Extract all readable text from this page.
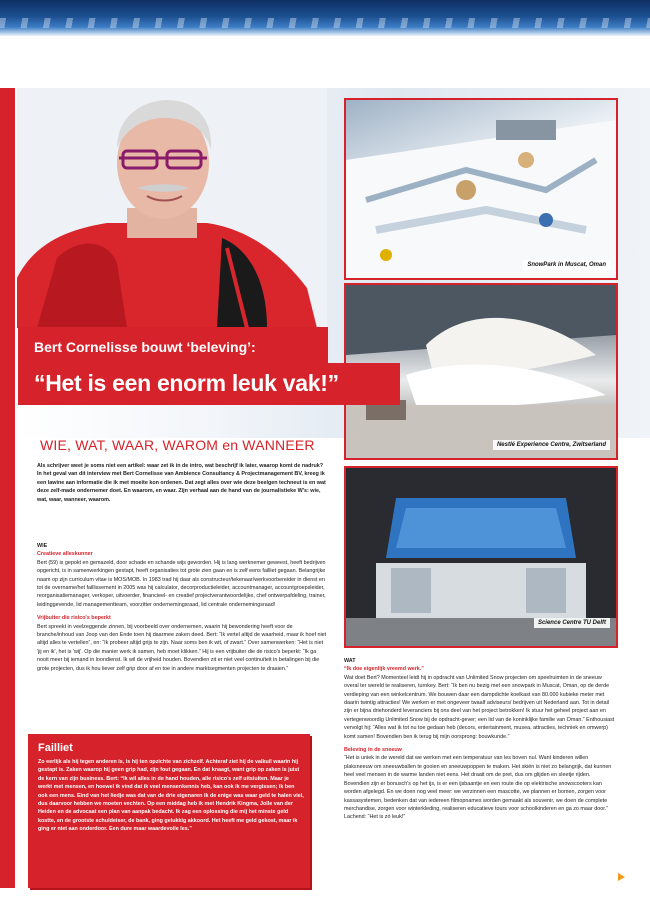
SnowPark in Muscat, Oman
Nestlé Experience Centre, Zwitserland
Science Centre TU Delft
Bert Cornelisse bouwt ‘beleving’:
“Het is een enorm leuk vak!”
WIE, WAT, WAAR, WAROM en WANNEER
Als schrijver weet je soms niet een artikel: waar zet ik in de intro, wat beschrijf ik later, waarop komt de nadruk? In het geval van dit interview met Bert Cornelisse van Ambience Consultancy & Projectmanagement BV, kreeg ik een lawine aan informatie die ik met moeite kon ordenen. Dat zegt alles over wie deze beelgen techneut is en wat deze zelf-made ondernemer doet. En waarom, en waar. Zijn verhaal aan de hand van de journalistieke W's: wie, wat, waar, wanneer, waarom.
WIE
Creatieve alleskunner

Bert (59) is gepokt en gemazeld, door schade en schande wijs geworden. Hij is lang werknemer geweest, heeft bedrijven opgericht, is in samenwerkingen gestapt, heeft organisaties tot grote zien gaan en is zelf eens failliet gegaan. Belangrijke naam op zijn curriculum vitae is MOS/MOB. In 1983 trad hij daar als constructeur/tekenaar/werkvoorbereider in dienst en tot de overname/het faillissement in 2005 was hij calculator, decorproductieleider, accountmanager, accountgroepsleider, reorganisatiemanager, verkoper, uitvoerder, financieel- en creatief projectverantwoordelijke, chef ontwerpafdeling, trainer, leidinggevende, lid managementteam, voorzitter ondernemingsraad, lid centrale ondernemingsraad!

Vrijbuiter die risico's beperkt

Bert spreekt in veelzeggende zinnen, bij voorbeeld over ondernemen, waarin hij bewondering heeft voor de branche/inhoud van Joop van den Ende toen hij daarmee zaken deed. Bert: “Ik vertel altijd de waarheid, maar ik hoef niet altijd alles te vertellen”, en: “Ik probeer altijd grijs te zijn. Naar soms ben ik wit, of zwart.” Over samenwerken: “Het is niet 'jij en ik', het is 'wij'. Op die manier werk ik samen, heb moet klikken.” Hij is een vrijbuiter die de risico's beperkt: “Ik ga nooit meer bij iemand in loondienst. Ik wil de vrijheid houden. Bovendien zit er niet veel continuïteit in betalingen bij die grote projecten, dus ik hou liever zelf grip door af en toe in andere marktsegmenten projecten te draaien.”

Failliet
Zo eerlijk als hij tegen anderen is, is hij ten opzichte van zichzelf. Achteraf ziet hij de valkuil waarin hij gestapt is. Zaken waarop hij geen grip had, zijn fout gegaan. En dat knaagt, want grip op zaken is juist de kern van zijn business. Bert: “Ik wil alles in de hand houden, alle risico's zelf uitsluiten. Maar je werkt met mensen, en hoewel ik vind dat ik veel mensenkennis heb, kan ook ik me vergissen; ik ben ook een mens. Eind van het liedje was dat van de drie eigenaren ik de enige was waar geld te halen viel, dus daarvoor hebben we moeten vechten. Op een middag heb ik met Hendrik Kingma, Jolle van der Heiden en de advocaat een plan van aanpak bedacht. Ik zag een oplossing die mij het minste geld kostte, en de grootste schuldeiser, de bank, ging gelukkig akkoord. Het heeft me geld gekost, maar ik ging er niet aan onderdoor. Een dure maar waardevolle les.”
WAT
“Ik doe eigenlijk vreemd werk.”

Wat doet Bert? Momenteel leidt hij in opdracht van Unlimited Snow projecten om speelruimten in de sneeuw overal ter wereld te realiseren, turnkey. Bert: “Ik ben nu bezig met een snowpark in Muscat, Oman, op de derde verdieping van een winkelcentrum. We bouwen daar een dampdichte koelkast van 80.000 kubieke meter met daarin twintig attracties! We werken er met ongeveer twaalf adviseurs/ bedrijven uit Nederland aan. Tot in detail zijn er bijna driehonderd leveranciers bij ons deel van het project betrokken! Ik stuur het geheel project aan en vertegenwoordig Unlimited Snow bij de opdracht-gever; een lid van de koninklijke familie van Oman.” Enthousiast vervolgt hij: “Alles wat ik tot nu toe gedaan heb (decors, entertainment, musea, attracties, techniek en omwerp) komt samen! Bovendien ben ik terug bij mijn oorsprong: bouwkunde.”

Beleving in de sneeuw

“Het is uniek in de wereld dat we werken met een temperatuur van les boven nul. Want kinderen willen plaksneeuw om sneeuwballen te gooien en sneeuwpoppen te maken. Het skiën is niet zo belangrijk, dat kunnen heel veel mensen in de warme landen niet eens. Het draait om de pret, dus om glijden en sleetje rijden. Bovendien zijn er bonusch's op het ijs, is er een ijsbaantje en een route die op elektrische snowscooters kan worden afgelegd. En we doen nog veel meer: we verzinnen een mascotte, we plannen er bomen, zorgen voor kassasystemen, bedenken dat van iedereen filmopnames worden gemaakt als souvenir, we doen de complete merchandise, zorgen voor winterkleding, realiseren educatieve tours voor schoolkinderen en ga zo maar door.” Lachend: “Het is zó leuk!”
